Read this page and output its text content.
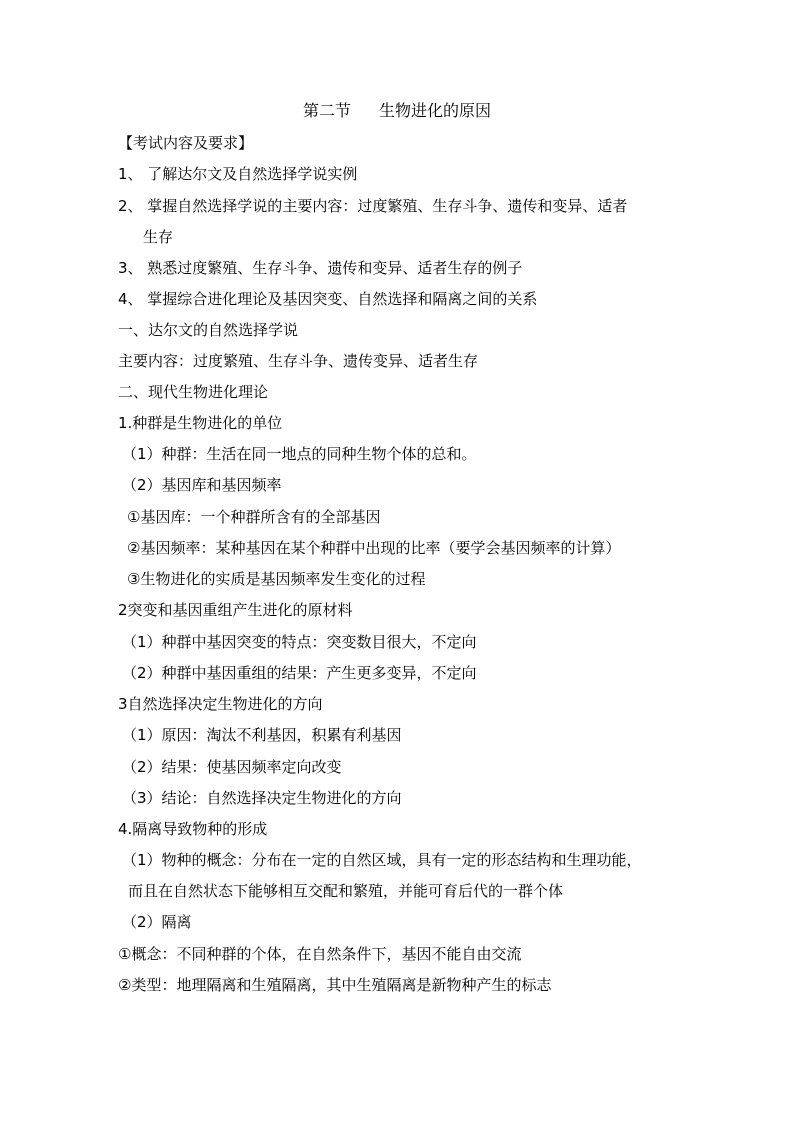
第二节 生物进化的原因
【考试内容及要求】
1、 了解达尔文及自然选择学说实例
2、 掌握自然选择学说的主要内容：过度繁殖、生存斗争、遗传和变异、适者
生存
3、 熟悉过度繁殖、生存斗争、遗传和变异、适者生存的例子
4、 掌握综合进化理论及基因突变、自然选择和隔离之间的关系
一、达尔文的自然选择学说
主要内容：过度繁殖、生存斗争、遗传变异、适者生存
二、现代生物进化理论
1.种群是生物进化的单位
（1）种群：生活在同一地点的同种生物个体的总和。
（2）基因库和基因频率
①基因库：一个种群所含有的全部基因
②基因频率：某种基因在某个种群中出现的比率（要学会基因频率的计算）
③生物进化的实质是基因频率发生变化的过程
2突变和基因重组产生进化的原材料
（1）种群中基因突变的特点：突变数目很大，不定向
（2）种群中基因重组的结果：产生更多变异，不定向
3自然选择决定生物进化的方向
（1）原因：淘汰不利基因，积累有利基因
（2）结果：使基因频率定向改变
（3）结论：自然选择决定生物进化的方向
4.隔离导致物种的形成
（1）物种的概念：分布在一定的自然区域，具有一定的形态结构和生理功能，
而且在自然状态下能够相互交配和繁殖，并能可育后代的一群个体
（2）隔离
①概念：不同种群的个体，在自然条件下，基因不能自由交流
②类型：地理隔离和生殖隔离，其中生殖隔离是新物种产生的标志
